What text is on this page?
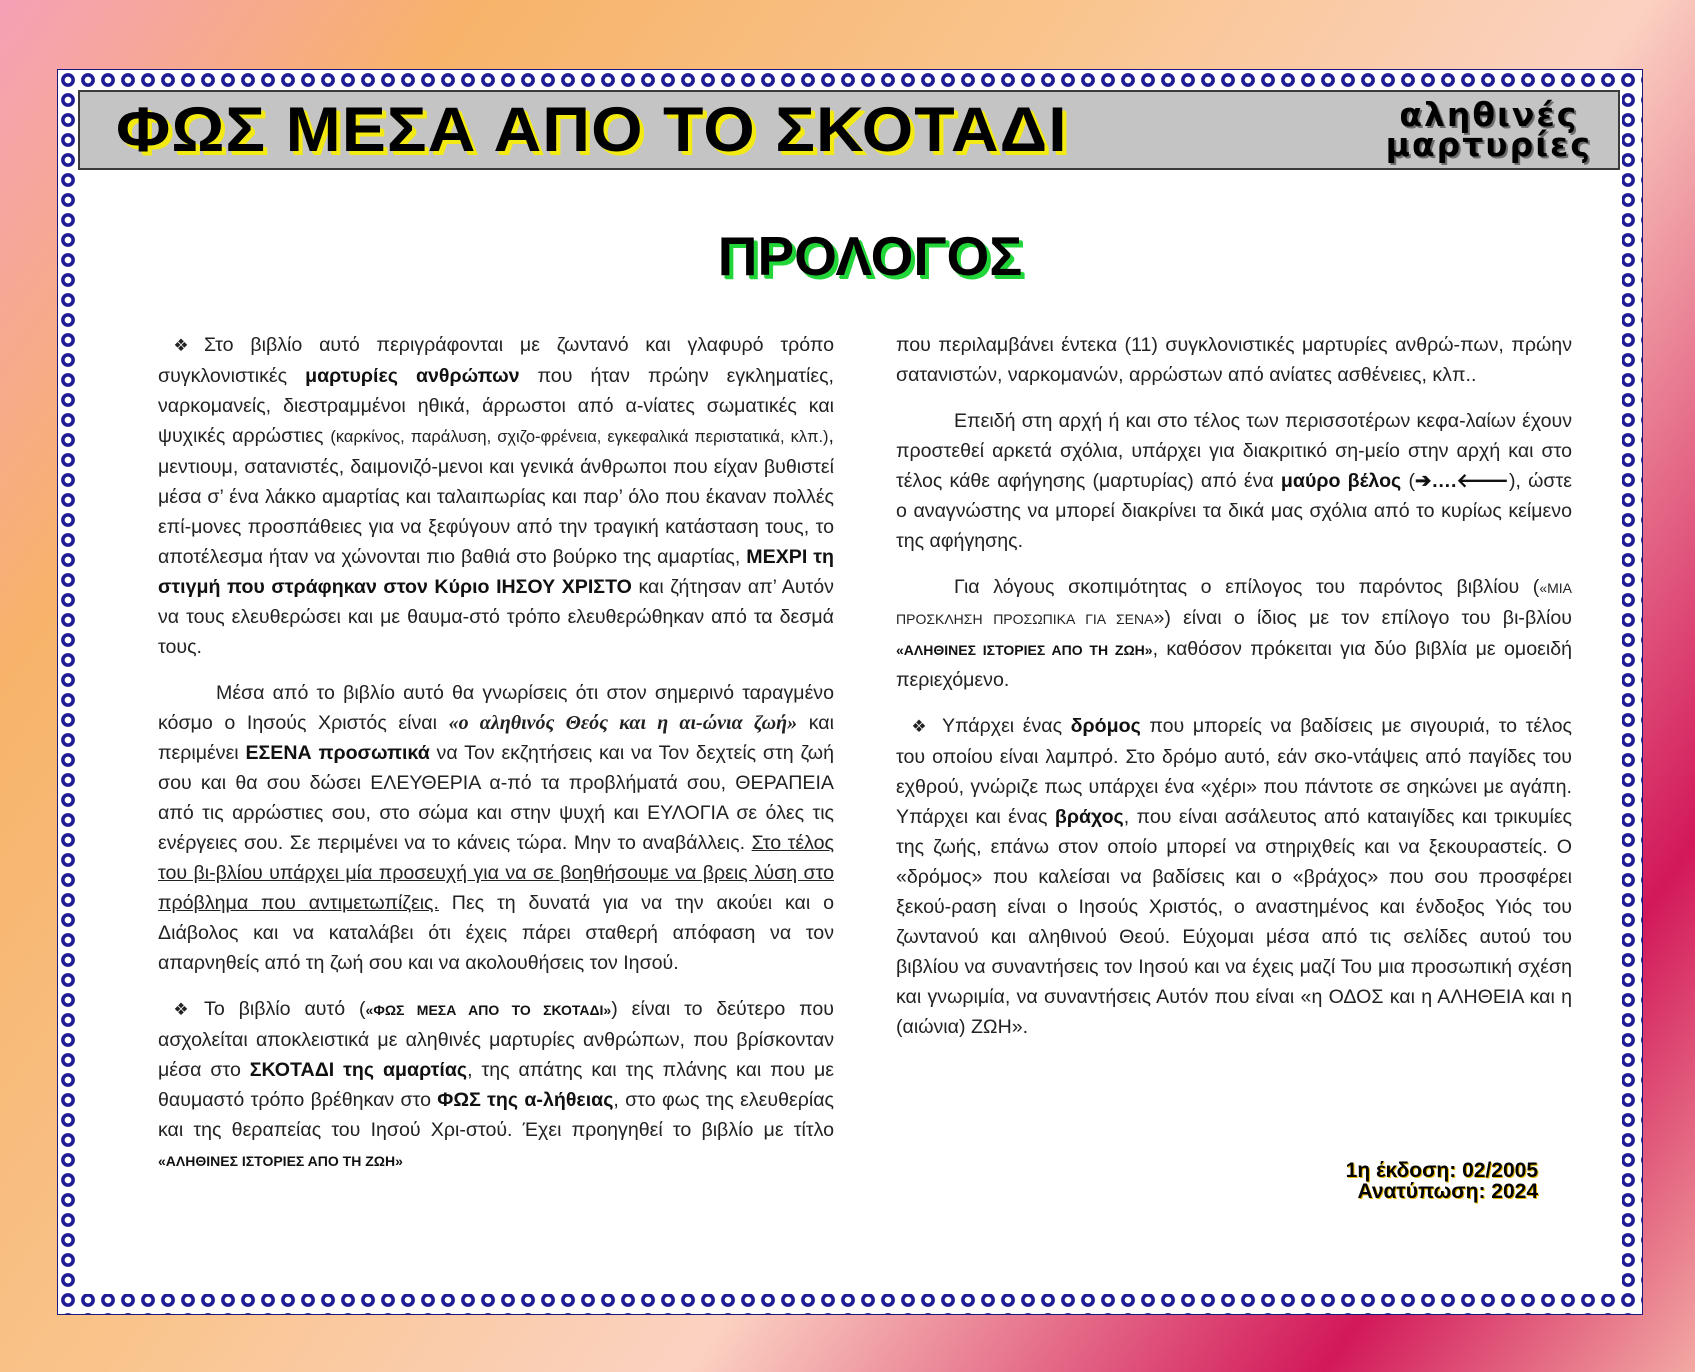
ΦΩΣ ΜΕΣΑ ΑΠΟ ΤΟ ΣΚΟΤΑΔΙ	αληθινές
μαρτυρίες
ΠΡΟΛΟΓΟΣ

❖ Στο βιβλίο αυτό περιγράφονται με ζωντανό και γλαφυρό τρόπο συγκλονιστικές μαρτυρίες ανθρώπων που ήταν πρώην εγκληματίες, ναρκομανείς, διεστραμμένοι ηθικά, άρρωστοι από α-νίατες σωματικές και ψυχικές αρρώστιες (καρκίνος, παράλυση, σχιζο-φρένεια, εγκεφαλικά περιστατικά, κλπ.), μεντιουμ, σατανιστές, δαιμονιζό-μενοι και γενικά άνθρωποι που είχαν βυθιστεί μέσα σ’ ένα λάκκο αμαρτίας και ταλαιπωρίας και παρ’ όλο που έκαναν πολλές επί-μονες προσπάθειες για να ξεφύγουν από την τραγική κατάσταση τους, το αποτέλεσμα ήταν να χώνονται πιο βαθιά στο βούρκο της αμαρτίας, ΜΕΧΡΙ τη στιγμή που στράφηκαν στον Κύριο ΙΗΣΟΥ ΧΡΙΣΤΟ και ζήτησαν απ’ Αυτόν να τους ελευθερώσει και με θαυμα-στό τρόπο ελευθερώθηκαν από τα δεσμά τους.

Μέσα από το βιβλίο αυτό θα γνωρίσεις ότι στον σημερινό ταραγμένο κόσμο ο Ιησούς Χριστός είναι «ο αληθινός Θεός και η αι-ώνια ζωή» και περιμένει ΕΣΕΝΑ προσωπικά να Τον εκζητήσεις και να Τον δεχτείς στη ζωή σου και θα σου δώσει ΕΛΕΥΘΕΡΙΑ α-πό τα προβλήματά σου, ΘΕΡΑΠΕΙΑ από τις αρρώστιες σου, στο σώμα και στην ψυχή και ΕΥΛΟΓΙΑ σε όλες τις ενέργειες σου. Σε περιμένει να το κάνεις τώρα. Μην το αναβάλλεις. Στο τέλος του βι-βλίου υπάρχει μία προσευχή για να σε βοηθήσουμε να βρεις λύση στο πρόβλημα που αντιμετωπίζεις. Πες τη δυνατά για να την ακούει και ο Διάβολος και να καταλάβει ότι έχεις πάρει σταθερή απόφαση να τον απαρνηθείς από τη ζωή σου και να ακολουθήσεις τον Ιησού.

❖ Το βιβλίο αυτό («ΦΩΣ ΜΕΣΑ ΑΠΟ ΤΟ ΣΚΟΤΑΔΙ») είναι το δεύτερο που ασχολείται αποκλειστικά με αληθινές μαρτυρίες ανθρώπων, που βρίσκονταν μέσα στο ΣΚΟΤΑΔΙ της αμαρτίας, της απάτης και της πλάνης και που με θαυμαστό τρόπο βρέθηκαν στο ΦΩΣ της α-λήθειας, στο φως της ελευθερίας και της θεραπείας του Ιησού Χρι-στού. Έχει προηγηθεί το βιβλίο με τίτλο «ΑΛΗΘΙΝΕΣ ΙΣΤΟΡΙΕΣ ΑΠΟ ΤΗ ΖΩΗ»

που περιλαμβάνει έντεκα (11) συγκλονιστικές μαρτυρίες ανθρώ-πων, πρώην σατανιστών, ναρκομανών, αρρώστων από ανίατες ασθένειες, κλπ..

Επειδή στη αρχή ή και στο τέλος των περισσοτέρων κεφα-λαίων έχουν προστεθεί αρκετά σχόλια, υπάρχει για διακριτικό ση-μείο στην αρχή και στο τέλος κάθε αφήγησης (μαρτυρίας) από ένα μαύρο βέλος (➔….🡐), ώστε ο αναγνώστης να μπορεί διακρίνει τα δικά μας σχόλια από το κυρίως κείμενο της αφήγησης.

Για λόγους σκοπιμότητας ο επίλογος του παρόντος βιβλίου («ΜΙΑ ΠΡΟΣΚΛΗΣΗ ΠΡΟΣΩΠΙΚΑ ΓΙΑ ΣΕΝΑ») είναι ο ίδιος με τον επίλογο του βι-βλίου «ΑΛΗΘΙΝΕΣ ΙΣΤΟΡΙΕΣ ΑΠΟ ΤΗ ΖΩΗ», καθόσον πρόκειται για δύο βιβλία με ομοειδή περιεχόμενο.

❖ Υπάρχει ένας δρόμος που μπορείς να βαδίσεις με σιγουριά, το τέλος του οποίου είναι λαμπρό. Στο δρόμο αυτό, εάν σκο-ντάψεις από παγίδες του εχθρού, γνώριζε πως υπάρχει ένα «χέρι» που πάντοτε σε σηκώνει με αγάπη. Υπάρχει και ένας βράχος, που είναι ασάλευτος από καταιγίδες και τρικυμίες της ζωής, επάνω στον οποίο μπορεί να στηριχθείς και να ξεκουραστείς. Ο «δρόμος» που καλείσαι να βαδίσεις και ο «βράχος» που σου προσφέρει ξεκού-ραση είναι ο Ιησούς Χριστός, ο αναστημένος και ένδοξος Υιός του ζωντανού και αληθινού Θεού. Εύχομαι μέσα από τις σελίδες αυτού του βιβλίου να συναντήσεις τον Ιησού και να έχεις μαζί Του μια προσωπική σχέση και γνωριμία, να συναντήσεις Αυτόν που είναι «η ΟΔΟΣ και η ΑΛΗΘΕΙΑ και η (αιώνια) ΖΩΗ».

1η έκδοση: 02/2005
Ανατύπωση: 2024
